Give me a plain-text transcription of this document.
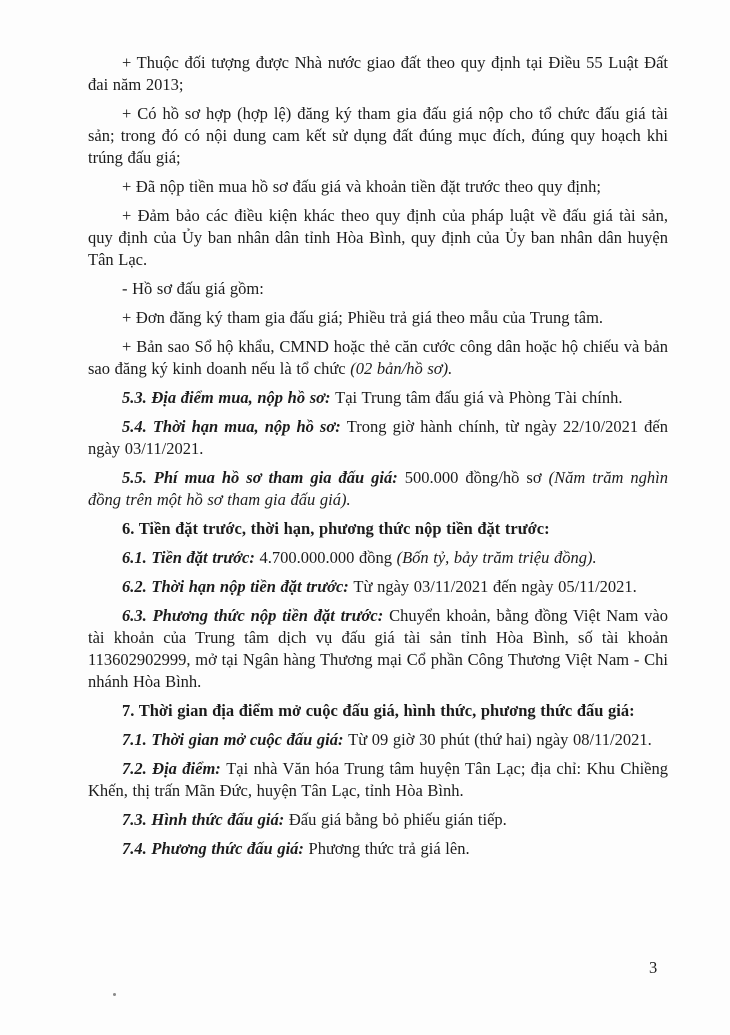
+ Thuộc đối tượng được Nhà nước giao đất theo quy định tại Điều 55 Luật Đất đai năm 2013;

+ Có hồ sơ hợp (hợp lệ) đăng ký tham gia đấu giá nộp cho tổ chức đấu giá tài sản; trong đó có nội dung cam kết sử dụng đất đúng mục đích, đúng quy hoạch khi trúng đấu giá;

+ Đã nộp tiền mua hồ sơ đấu giá và khoản tiền đặt trước theo quy định;

+ Đảm bảo các điều kiện khác theo quy định của pháp luật về đấu giá tài sản, quy định của Ủy ban nhân dân tỉnh Hòa Bình, quy định của Ủy ban nhân dân huyện Tân Lạc.

- Hồ sơ đấu giá gồm:

+ Đơn đăng ký tham gia đấu giá; Phiều trả giá theo mẫu của Trung tâm.

+ Bản sao Sổ hộ khẩu, CMND hoặc thẻ căn cước công dân hoặc hộ chiếu và bản sao đăng ký kinh doanh nếu là tổ chức (02 bản/hồ sơ).

5.3. Địa điểm mua, nộp hồ sơ: Tại Trung tâm đấu giá và Phòng Tài chính.

5.4. Thời hạn mua, nộp hồ sơ: Trong giờ hành chính, từ ngày 22/10/2021 đến ngày 03/11/2021.

5.5. Phí mua hồ sơ tham gia đấu giá: 500.000 đồng/hồ sơ (Năm trăm nghìn đồng trên một hồ sơ tham gia đấu giá).

6. Tiền đặt trước, thời hạn, phương thức nộp tiền đặt trước:

6.1. Tiền đặt trước: 4.700.000.000 đồng (Bốn tỷ, bảy trăm triệu đồng).

6.2. Thời hạn nộp tiền đặt trước: Từ ngày 03/11/2021 đến ngày 05/11/2021.

6.3. Phương thức nộp tiền đặt trước: Chuyển khoản, bằng đồng Việt Nam vào tài khoản của Trung tâm dịch vụ đấu giá tài sản tỉnh Hòa Bình, số tài khoản 113602902999, mở tại Ngân hàng Thương mại Cổ phần Công Thương Việt Nam - Chi nhánh Hòa Bình.

7. Thời gian địa điểm mở cuộc đấu giá, hình thức, phương thức đấu giá:

7.1. Thời gian mở cuộc đấu giá: Từ 09 giờ 30 phút (thứ hai) ngày 08/11/2021.

7.2. Địa điểm: Tại nhà Văn hóa Trung tâm huyện Tân Lạc; địa chỉ: Khu Chiềng Khến, thị trấn Mãn Đức, huyện Tân Lạc, tỉnh Hòa Bình.

7.3. Hình thức đấu giá: Đấu giá bằng bỏ phiếu gián tiếp.

7.4. Phương thức đấu giá: Phương thức trả giá lên.

3
